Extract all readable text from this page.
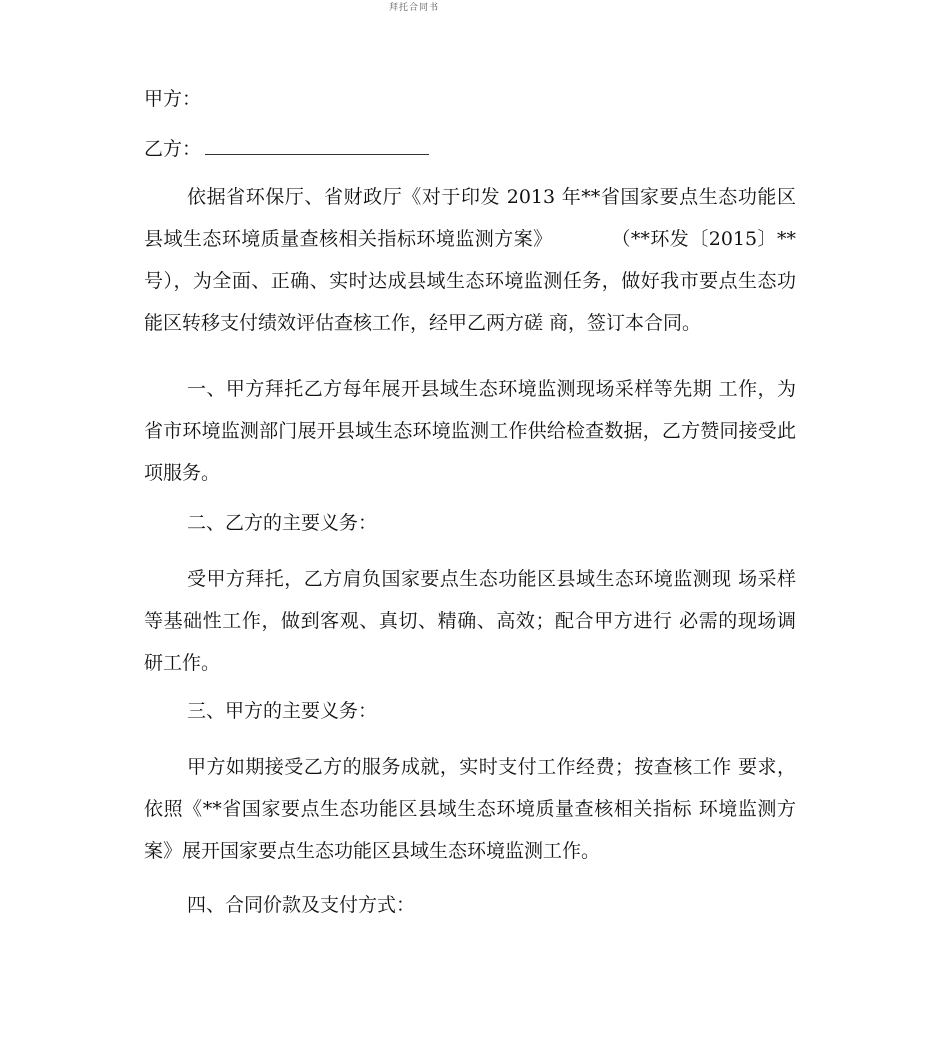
拜托合同书
甲方：
乙方：
依据省环保厅、省财政厅《对于印发 2013 年**省国家要点生态功能区县域生态环境质量查核相关指标环境监测方案》　　　　（**环发〔2015〕**号），为全面、正确、实时达成县域生态环境监测任务，做好我市要点生态功能区转移支付绩效评估查核工作，经甲乙两方磋 商，签订本合同。
一、甲方拜托乙方每年展开县域生态环境监测现场采样等先期 工作，为省市环境监测部门展开县域生态环境监测工作供给检查数据，乙方赞同接受此项服务。
二、乙方的主要义务：
受甲方拜托，乙方肩负国家要点生态功能区县域生态环境监测现 场采样等基础性工作，做到客观、真切、精确、高效；配合甲方进行 必需的现场调研工作。
三、甲方的主要义务：
甲方如期接受乙方的服务成就，实时支付工作经费；按查核工作 要求，依照《**省国家要点生态功能区县域生态环境质量查核相关指标 环境监测方案》展开国家要点生态功能区县域生态环境监测工作。
四、合同价款及支付方式：
